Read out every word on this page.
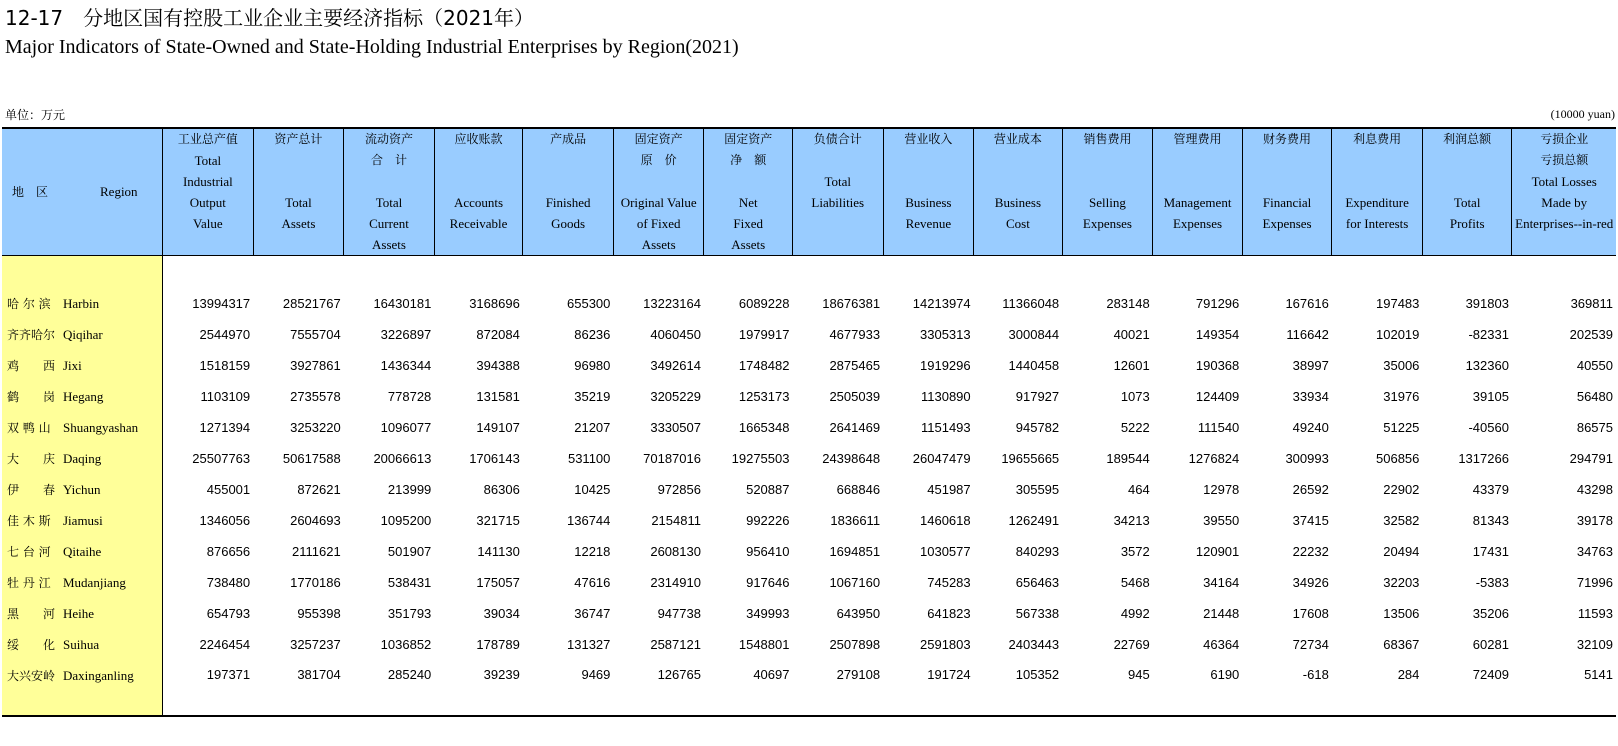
12-17　分地区国有控股工业企业主要经济指标（2021年）
Major Indicators of State-Owned and State-Holding Industrial Enterprises by Region(2021)
单位：万元	(10000 yuan)
地　区 Region	工业总产值
Total
Industrial
Output
Value	资产总计

Total
Assets	流动资产
合　计

Total
Current
Assets	应收账款

Accounts
Receivable	产成品

Finished
Goods	固定资产
原　价

Original Value
of Fixed
Assets	固定资产
净　额

Net
Fixed
Assets	负债合计

Total
Liabilities	营业收入

Business
Revenue	营业成本

Business
Cost	销售费用

Selling
Expenses	管理费用

Management
Expenses	财务费用

Financial
Expenses	利息费用

Expenditure
for Interests	利润总额

Total
Profits	亏损企业
亏损总额
Total Losses
Made by
Enterprises--in-red

哈 尔 滨 Harbin	13994317	28521767	16430181	3168696	655300	13223164	6089228	18676381	14213974	11366048	283148	791296	167616	197483	391803	369811
齐齐哈尔 Qiqihar	2544970	7555704	3226897	872084	86236	4060450	1979917	4677933	3305313	3000844	40021	149354	116642	102019	-82331	202539
鸡　　西 Jixi	1518159	3927861	1436344	394388	96980	3492614	1748482	2875465	1919296	1440458	12601	190368	38997	35006	132360	40550
鹤　　岗 Hegang	1103109	2735578	778728	131581	35219	3205229	1253173	2505039	1130890	917927	1073	124409	33934	31976	39105	56480
双 鸭 山 Shuangyashan	1271394	3253220	1096077	149107	21207	3330507	1665348	2641469	1151493	945782	5222	111540	49240	51225	-40560	86575
大　　庆 Daqing	25507763	50617588	20066613	1706143	531100	70187016	19275503	24398648	26047479	19655665	189544	1276824	300993	506856	1317266	294791
伊　　春 Yichun	455001	872621	213999	86306	10425	972856	520887	668846	451987	305595	464	12978	26592	22902	43379	43298
佳 木 斯 Jiamusi	1346056	2604693	1095200	321715	136744	2154811	992226	1836611	1460618	1262491	34213	39550	37415	32582	81343	39178
七 台 河 Qitaihe	876656	2111621	501907	141130	12218	2608130	956410	1694851	1030577	840293	3572	120901	22232	20494	17431	34763
牡 丹 江 Mudanjiang	738480	1770186	538431	175057	47616	2314910	917646	1067160	745283	656463	5468	34164	34926	32203	-5383	71996
黑　　河 Heihe	654793	955398	351793	39034	36747	947738	349993	643950	641823	567338	4992	21448	17608	13506	35206	11593
绥　　化 Suihua	2246454	3257237	1036852	178789	131327	2587121	1548801	2507898	2591803	2403443	22769	46364	72734	68367	60281	32109
大兴安岭 Daxinganling	197371	381704	285240	39239	9469	126765	40697	279108	191724	105352	945	6190	-618	284	72409	5141
